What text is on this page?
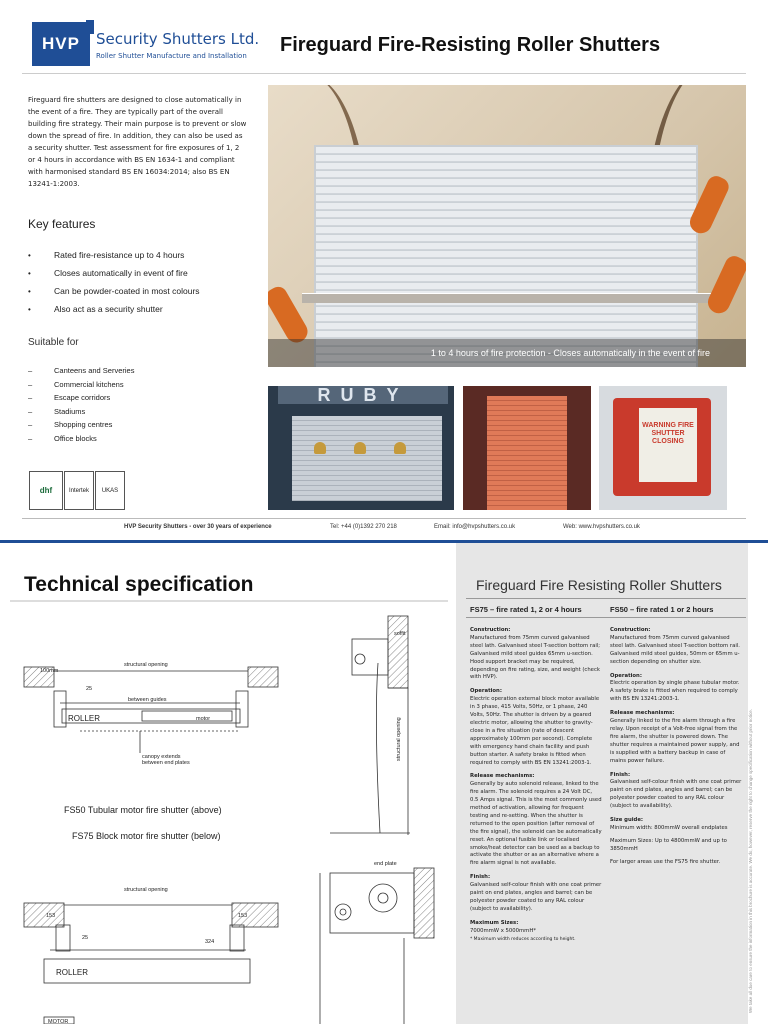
HVP	Security Shutters Ltd.
Roller Shutter Manufacture and Installation Fireguard Fire-Resisting Roller Shutters
Fireguard fire shutters are designed to close automatically in the event of a fire. They are typically part of the overall building fire strategy. Their main purpose is to prevent or slow down the spread of fire. In addition, they can also be used as a security shutter. Test assessment for fire exposures of 1, 2 or 4 hours in accordance with BS EN 1634-1 and compliant with harmonised standard BS EN 16034:2014; also BS EN 13241-1:2003.
Key features
•	Rated fire-resistance up to 4 hours
•	Closes automatically in event of fire
•	Can be powder-coated in most colours
•	Also act as a security shutter
Suitable for
–	Canteens and Serveries
–	Commercial kitchens
–	Escape corridors
–	Stadiums
–	Shopping centres
–	Office blocks
dhf	Intertek	UKAS
1 to 4 hours of fire protection - Closes automatically in the event of fire
RUBY
WARNING FIRE SHUTTER CLOSING
HVP Security Shutters - over 30 years of experience	Tel: +44 (0)1392 270 218	Email: info@hvpshutters.co.uk	Web: www.hvpshutters.co.uk
Technical specification	Fireguard Fire Resisting Roller Shutters
FS75 – fire rated 1, 2 or 4 hours	FS50 – fire rated 1 or 2 hours
Construction:
Manufactured from 75mm curved galvanised steel lath. Galvanised steel T-section bottom rail; Galvanised mild steel guides 65mm u-section. Hood support bracket may be required, depending on fire rating, size, and weight (check with HVP).
Operation:
Electric operation external block motor available in 3 phase, 415 Volts, 50Hz, or 1 phase, 240 Volts, 50Hz. The shutter is driven by a geared electric motor, allowing the shutter to gravity-close in a fire situation (rate of descent approximately 100mm per second). Complete with emergency hand chain facility and push button starter. A safety brake is fitted when required to comply with BS EN 13241:2003-1.
Release mechanisms:
Generally by auto solenoid release, linked to the fire alarm. The solenoid requires a 24 Volt DC, 0.5 Amps signal. This is the most commonly used method of activation, allowing for frequent testing and re-setting. When the shutter is returned to the open position (after removal of the fire signal), the solenoid can be automatically reset. An optional fusible link or localised smoke/heat detector can be used as a backup to activate the shutter or as an alternative where a fire alarm signal is not available.
Finish:
Galvanised self-colour finish with one coat primer paint on end plates, angles and barrel; can be polyester powder coated to any RAL colour (subject to availability).
Maximum Sizes:
7000mmW x 5000mmH*
* Maximum width reduces according to height.
Construction:
Manufactured from 75mm curved galvanised steel lath. Galvanised steel T-section bottom rail. Galvanised mild steel guides, 50mm or 65mm u-section depending on shutter size.
Operation:
Electric operation by single phase tubular motor. A safety brake is fitted when required to comply with BS EN 13241:2003-1.
Release mechanisms:
Generally linked to the fire alarm through a fire relay. Upon receipt of a Volt-free signal from the fire alarm, the shutter is powered down. The shutter requires a maintained power supply, and is supplied with a battery backup in case of mains power failure.
Finish:
Galvanised self-colour finish with one coat primer paint on end plates, angles and barrel; can be polyester powder coated to any RAL colour (subject to availability).
Size guide:
Minimum width: 800mmW overall endplates
Maximum Sizes: Up to 4800mmW and up to 3850mmH
For larger areas use the FS75 fire shutter.	We take all due care to ensure the information in this brochure is accurate. We do, however, reserve the right to change specification without prior notice.
structural opening
100mm
25
between guides
ROLLER	motor
canopy extends between end plates
FS50 Tubular motor fire shutter (above)
FS75 Block motor fire shutter (below)
structural opening
153	153
25
324
ROLLER
MOTOR
end plate
structural opening
soffit
